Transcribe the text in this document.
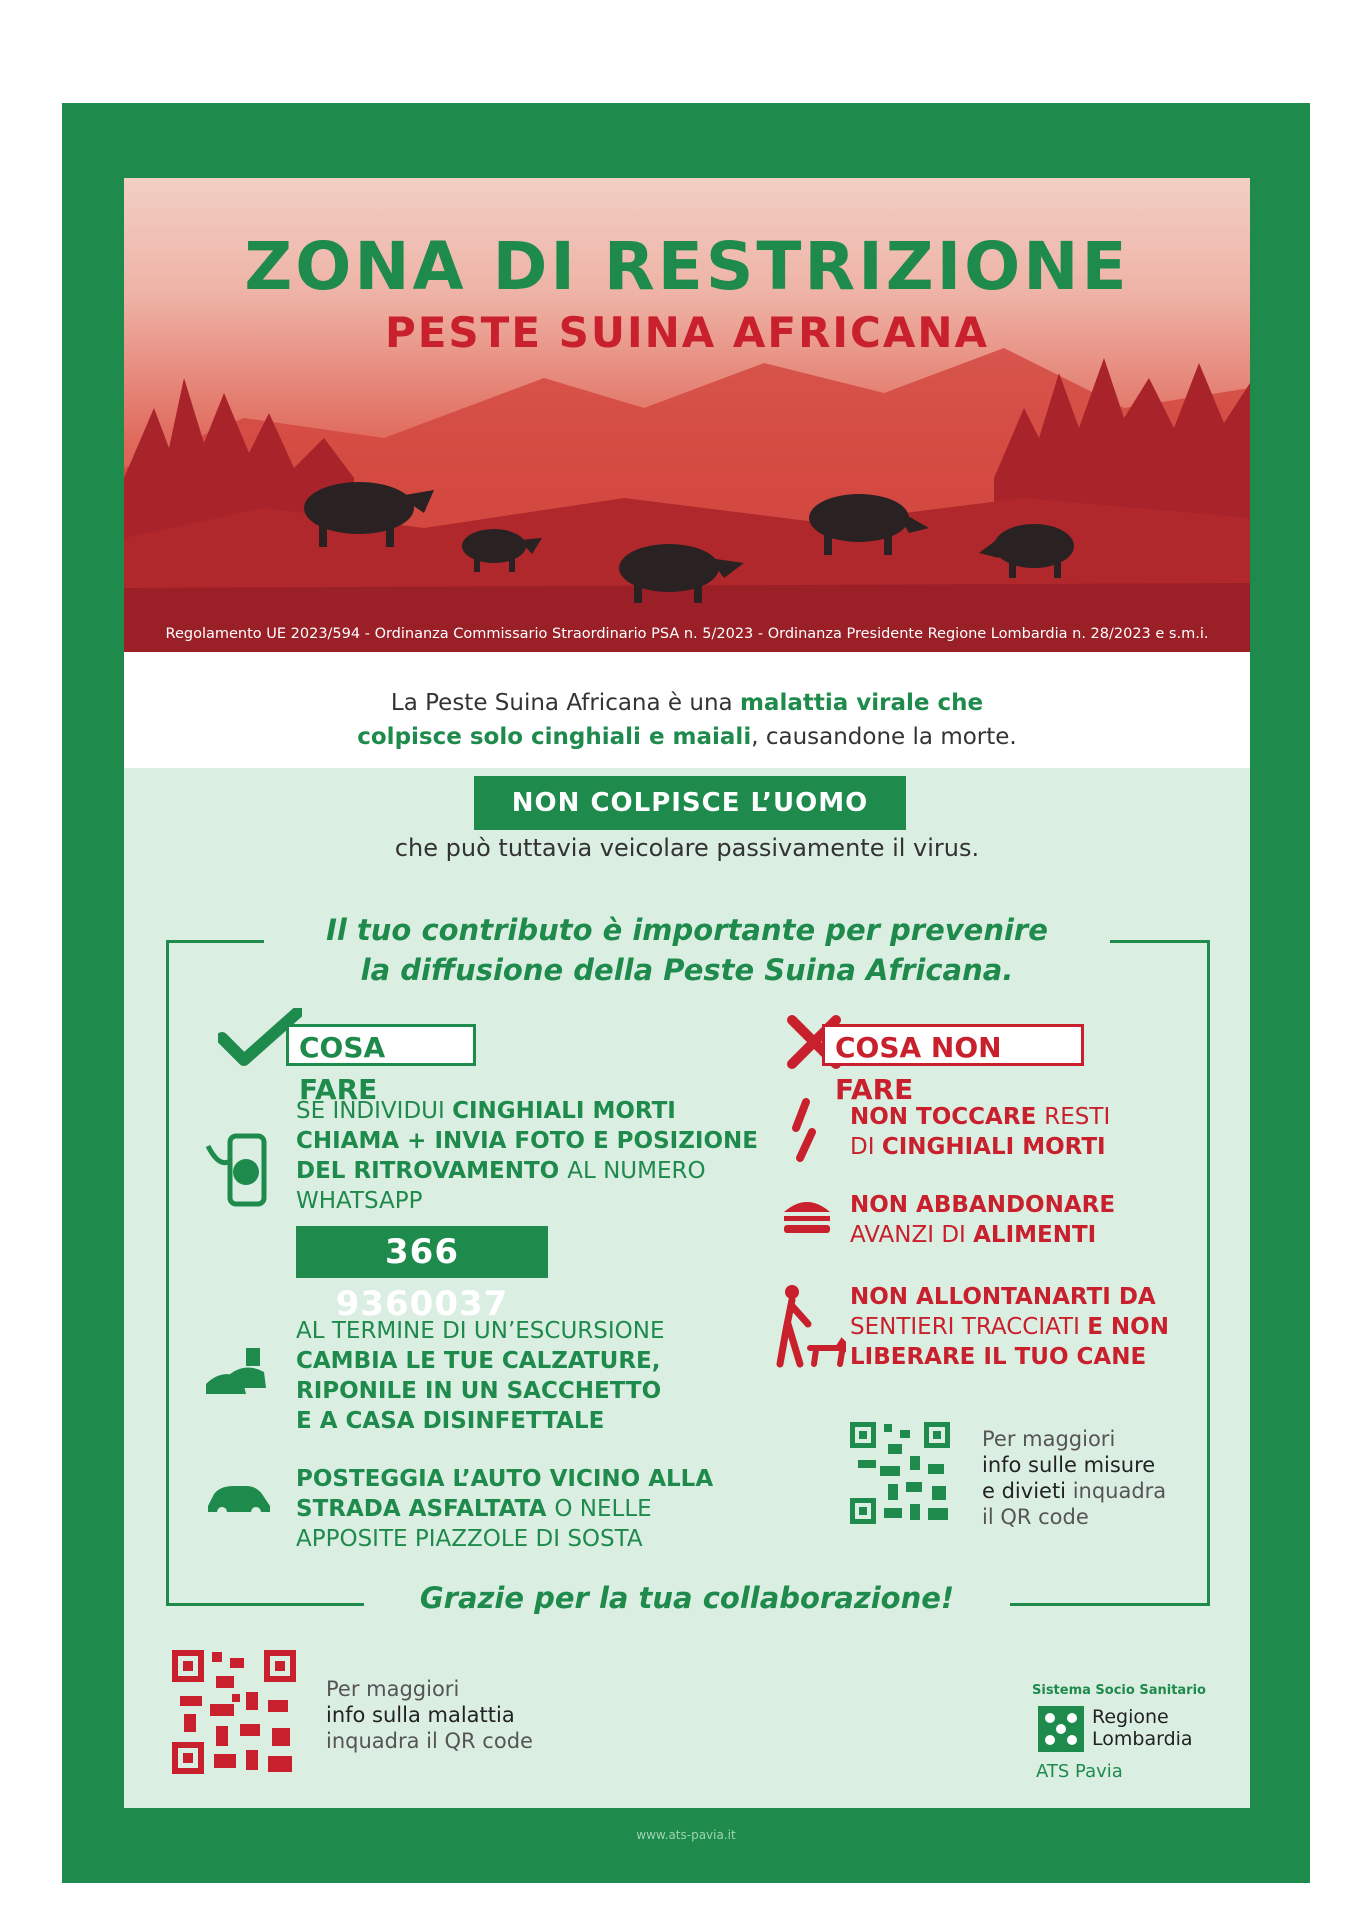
ZONA DI RESTRIZIONE
PESTE SUINA AFRICANA
Regolamento UE 2023/594 - Ordinanza Commissario Straordinario PSA n. 5/2023 - Ordinanza Presidente Regione Lombardia n. 28/2023 e s.m.i.

La Peste Suina Africana è una malattia virale che
colpisce solo cinghiali e maiali, causandone la morte.

NON COLPISCE L’UOMO
che può tuttavia veicolare passivamente il virus.
Il tuo contributo è importante per prevenire
la diffusione della Peste Suina Africana.
COSA FARE
SE INDIVIDUI CINGHIALI MORTI
CHIAMA + INVIA FOTO E POSIZIONE
DEL RITROVAMENTO AL NUMERO
WHATSAPP
366 9360037
AL TERMINE DI UN’ESCURSIONE
CAMBIA LE TUE CALZATURE,
RIPONILE IN UN SACCHETTO
E A CASA DISINFETTALE
POSTEGGIA L’AUTO VICINO ALLA
STRADA ASFALTATA O NELLE
APPOSITE PIAZZOLE DI SOSTA
COSA NON FARE
NON TOCCARE RESTI
DI CINGHIALI MORTI
NON ABBANDONARE
AVANZI DI ALIMENTI
NON ALLONTANARTI DA
SENTIERI TRACCIATI E NON
LIBERARE IL TUO CANE
Per maggiori
info sulle misure
e divieti inquadra
il QR code
Grazie per la tua collaborazione!
Per maggiori
info sulla malattia
inquadra il QR code
Sistema Socio Sanitario
Regione
Lombardia
ATS Pavia
www.ats-pavia.it
